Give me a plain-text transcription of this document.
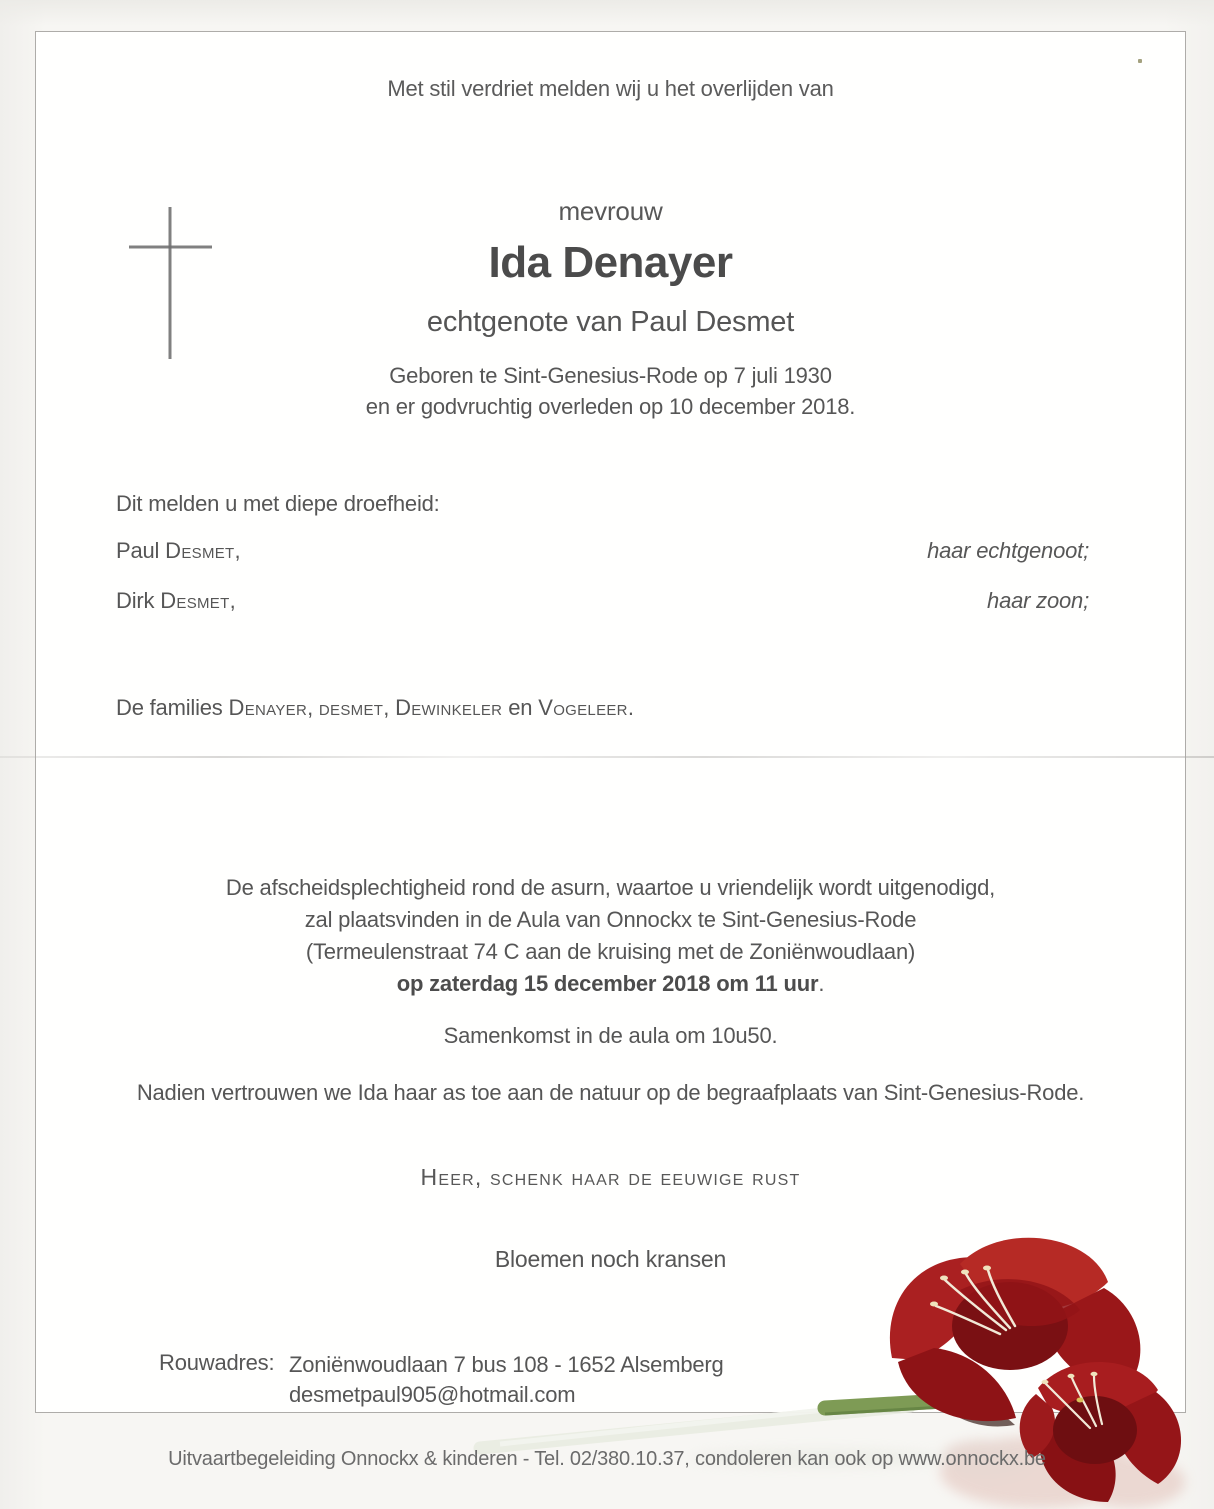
Met stil verdriet melden wij u het overlijden van
mevrouw
Ida Denayer
echtgenote van Paul Desmet
Geboren te Sint-Genesius-Rode op 7 juli 1930
en er godvruchtig overleden op 10 december 2018.
Dit melden u met diepe droefheid:
Paul Desmet,	haar echtgenoot;
Dirk Desmet,	haar zoon;
De families Denayer, desmet, Dewinkeler en Vogeleer.
De afscheidsplechtigheid rond de asurn, waartoe u vriendelijk wordt uitgenodigd,
zal plaatsvinden in de Aula van Onnockx te Sint-Genesius-Rode
(Termeulenstraat 74 C aan de kruising met de Zoniënwoudlaan)
op zaterdag 15 december 2018 om 11 uur.
Samenkomst in de aula om 10u50.
Nadien vertrouwen we Ida haar as toe aan de natuur op de begraafplaats van Sint-Genesius-Rode.
Heer, schenk haar de eeuwige rust
Bloemen noch kransen
Rouwadres: Zoniënwoudlaan 7 bus 108 - 1652 Alsemberg
desmetpaul905@hotmail.com
Uitvaartbegeleiding Onnockx & kinderen - Tel. 02/380.10.37, condoleren kan ook op www.onnockx.be
